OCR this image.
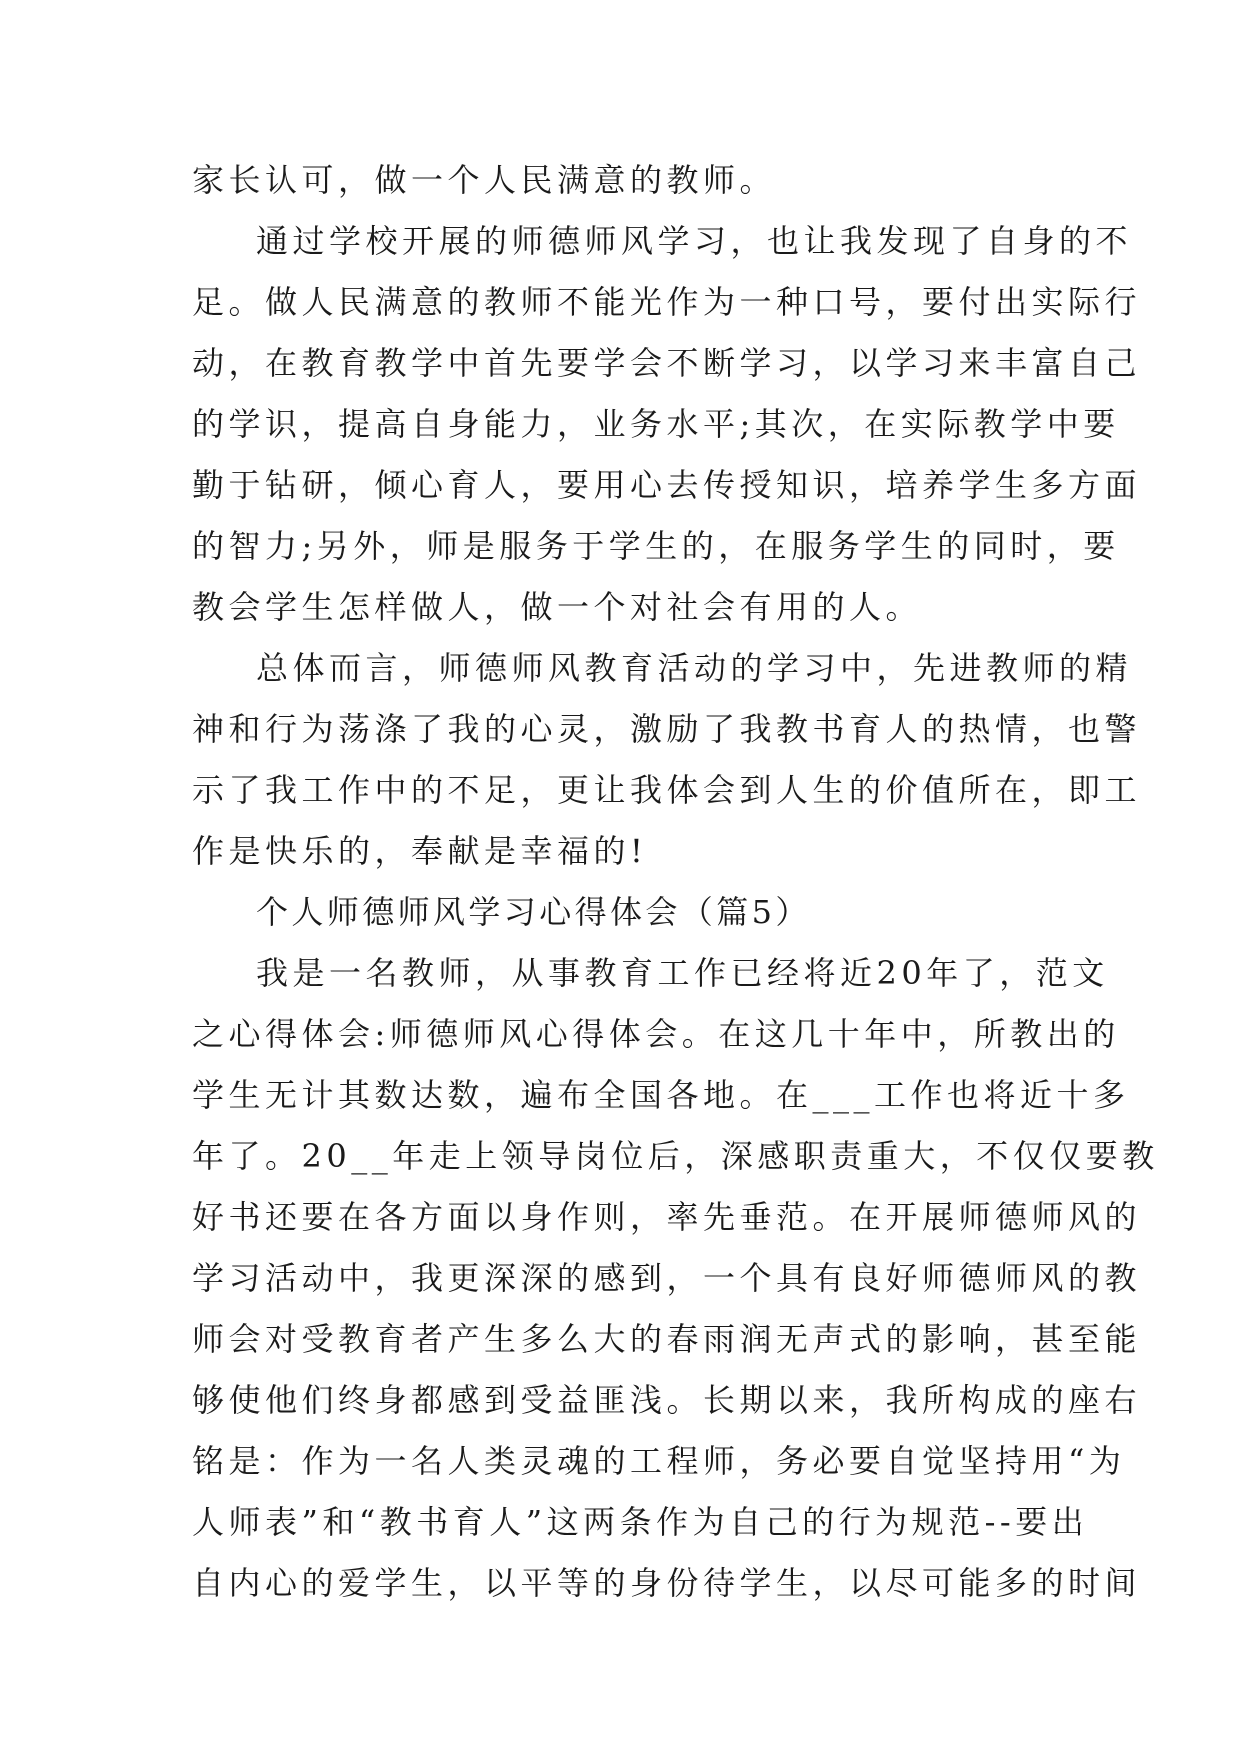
家长认可，做一个人民满意的教师。

通过学校开展的师德师风学习，也让我发现了自身的不
足。做人民满意的教师不能光作为一种口号，要付出实际行
动，在教育教学中首先要学会不断学习，以学习来丰富自己
的学识，提高自身能力，业务水平;其次，在实际教学中要
勤于钻研，倾心育人，要用心去传授知识，培养学生多方面
的智力;另外，师是服务于学生的，在服务学生的同时，要
教会学生怎样做人，做一个对社会有用的人。

总体而言，师德师风教育活动的学习中，先进教师的精
神和行为荡涤了我的心灵，激励了我教书育人的热情，也警
示了我工作中的不足，更让我体会到人生的价值所在，即工
作是快乐的，奉献是幸福的!

个人师德师风学习心得体会（篇5）

我是一名教师，从事教育工作已经将近20年了，范文
之心得体会:师德师风心得体会。在这几十年中，所教出的
学生无计其数达数，遍布全国各地。在___工作也将近十多
年了。20__年走上领导岗位后，深感职责重大，不仅仅要教
好书还要在各方面以身作则，率先垂范。在开展师德师风的
学习活动中，我更深深的感到，一个具有良好师德师风的教
师会对受教育者产生多么大的春雨润无声式的影响，甚至能
够使他们终身都感到受益匪浅。长期以来，我所构成的座右
铭是：作为一名人类灵魂的工程师，务必要自觉坚持用“为
人师表”和“教书育人”这两条作为自己的行为规范--要出
自内心的爱学生，以平等的身份待学生，以尽可能多的时间
